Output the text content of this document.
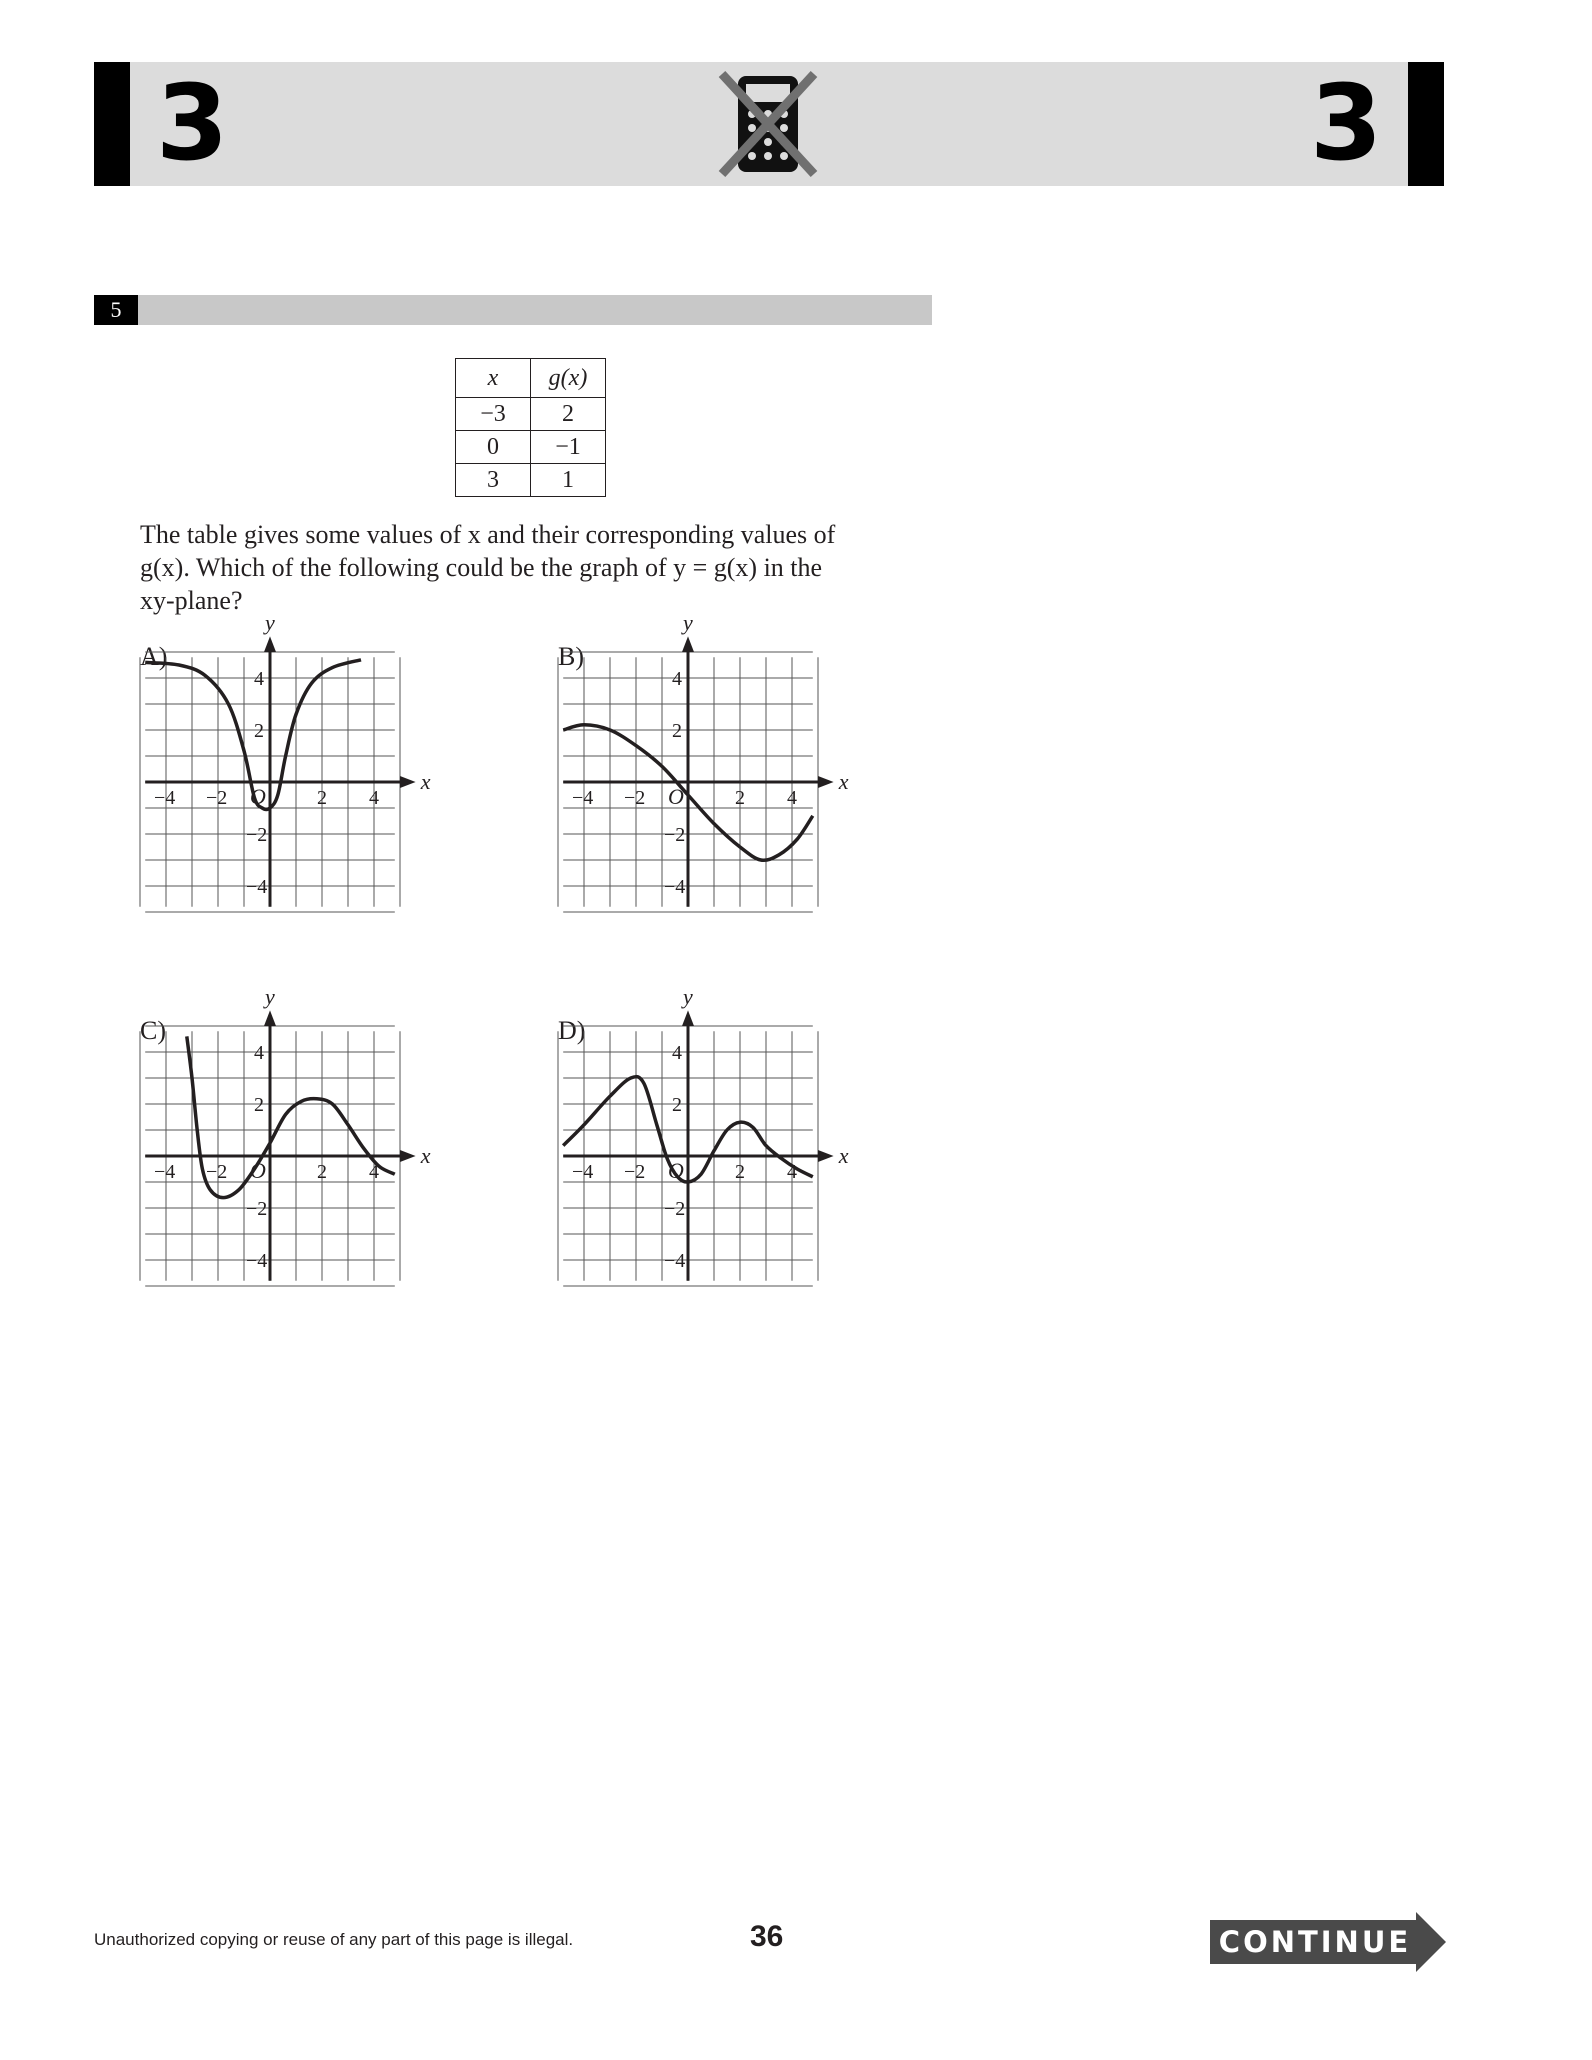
3	3
5
x	g(x)
−3	2
0	−1
3	1
The table gives some values of x and their corresponding values of
g(x). Which of the following could be the graph of y = g(x) in the
xy-plane?
A)
x
y
O
−4 −2	2 4
4
2
−2
−4
B)
x
y
O
−4 −2	2 4
4
2
−2
−4
C)
x
y
O
−4 −2	2 4
4
2
−2
−4
D)
x
y
O
−4 −2	2 4
4
2
−2
−4
Unauthorized copying or reuse of any part of this page is illegal.	36	CONTINUE
